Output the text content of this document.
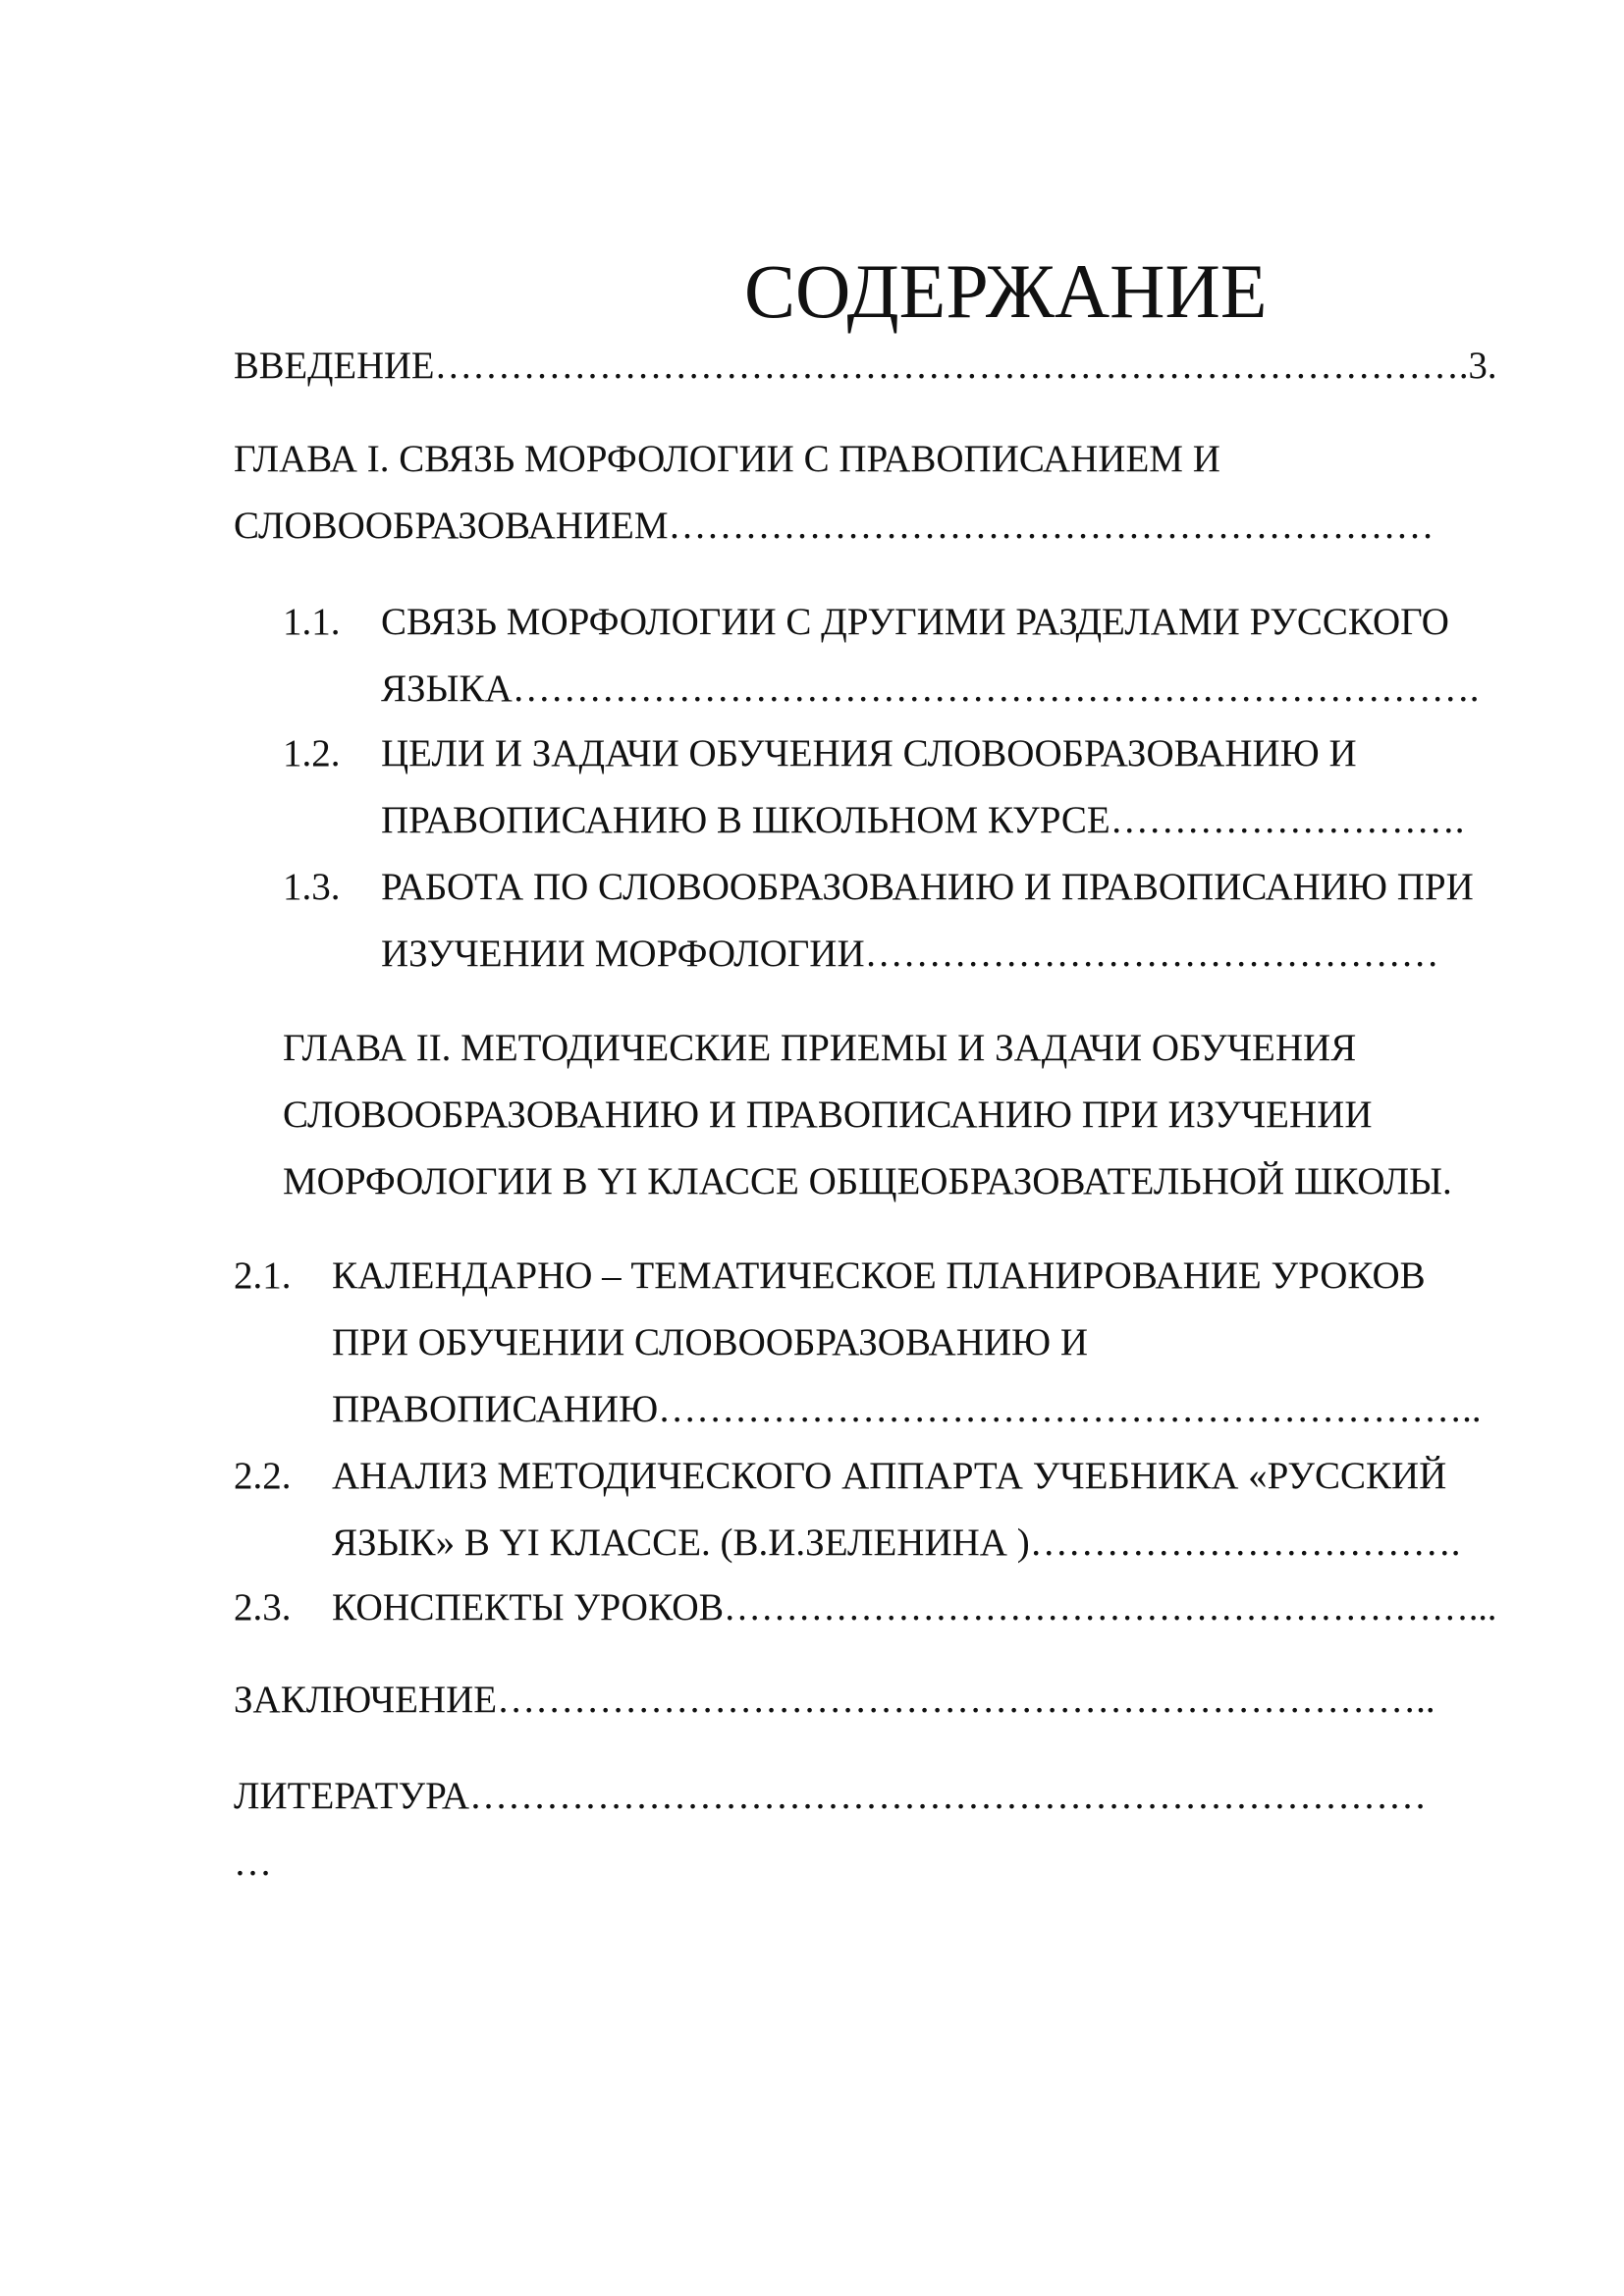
СОДЕРЖАНИЕ
ВВЕДЕНИЕ……………………………………………………………………….3.
ГЛАВА I. СВЯЗЬ МОРФОЛОГИИ С ПРАВОПИСАНИЕМ И
СЛОВООБРАЗОВАНИЕМ……………………………………………………
1.1. СВЯЗЬ МОРФОЛОГИИ С ДРУГИМИ РАЗДЕЛАМИ РУССКОГО
ЯЗЫКА………………………………………………………………….
1.2. ЦЕЛИ И ЗАДАЧИ ОБУЧЕНИЯ СЛОВООБРАЗОВАНИЮ И
ПРАВОПИСАНИЮ В ШКОЛЬНОМ КУРСЕ……………………….
1.3. РАБОТА ПО СЛОВООБРАЗОВАНИЮ И ПРАВОПИСАНИЮ ПРИ
ИЗУЧЕНИИ МОРФОЛОГИИ………………………………………
ГЛАВА II. МЕТОДИЧЕСКИЕ ПРИЕМЫ И ЗАДАЧИ ОБУЧЕНИЯ
СЛОВООБРАЗОВАНИЮ И ПРАВОПИСАНИЮ ПРИ ИЗУЧЕНИИ
МОРФОЛОГИИ В ҮI КЛАССЕ ОБЩЕОБРАЗОВАТЕЛЬНОЙ ШКОЛЫ.
2.1. КАЛЕНДАРНО – ТЕМАТИЧЕСКОЕ ПЛАНИРОВАНИЕ УРОКОВ
ПРИ ОБУЧЕНИИ СЛОВООБРАЗОВАНИЮ И
ПРАВОПИСАНИЮ………………………………………………………..
2.2. АНАЛИЗ МЕТОДИЧЕСКОГО АППАРТА УЧЕБНИКА «РУССКИЙ
ЯЗЫК» В ҮI КЛАССЕ. (В.И.ЗЕЛЕНИНА )…………………………….
2.3. КОНСПЕКТЫ УРОКОВ……………………………………………………...
ЗАКЛЮЧЕНИЕ………………………………………………………………..
ЛИТЕРАТУРА…………………………………………………………………
…
